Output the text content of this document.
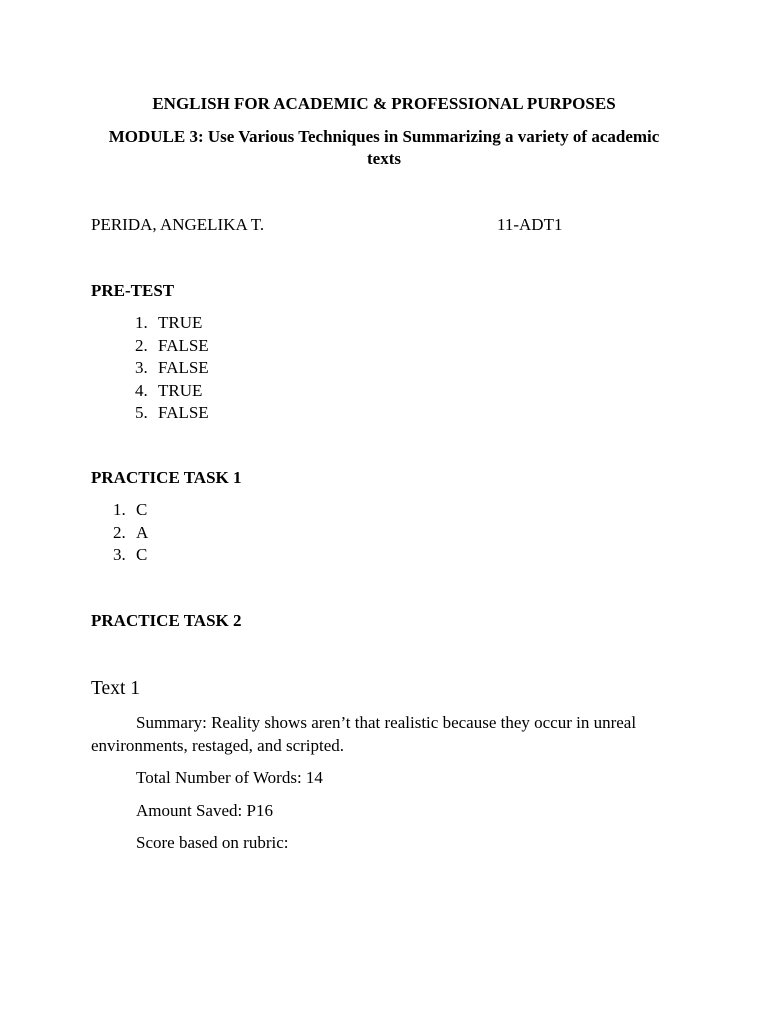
ENGLISH FOR ACADEMIC & PROFESSIONAL PURPOSES
MODULE 3: Use Various Techniques in Summarizing a variety of academic texts
PERIDA, ANGELIKA T.	11-ADT1
PRE-TEST
1. TRUE
2. FALSE
3. FALSE
4. TRUE
5. FALSE
PRACTICE TASK 1
1. C
2. A
3. C
PRACTICE TASK 2
Text 1
Summary: Reality shows aren’t that realistic because they occur in unreal environments, restaged, and scripted.
Total Number of Words: 14
Amount Saved: P16
Score based on rubric:
